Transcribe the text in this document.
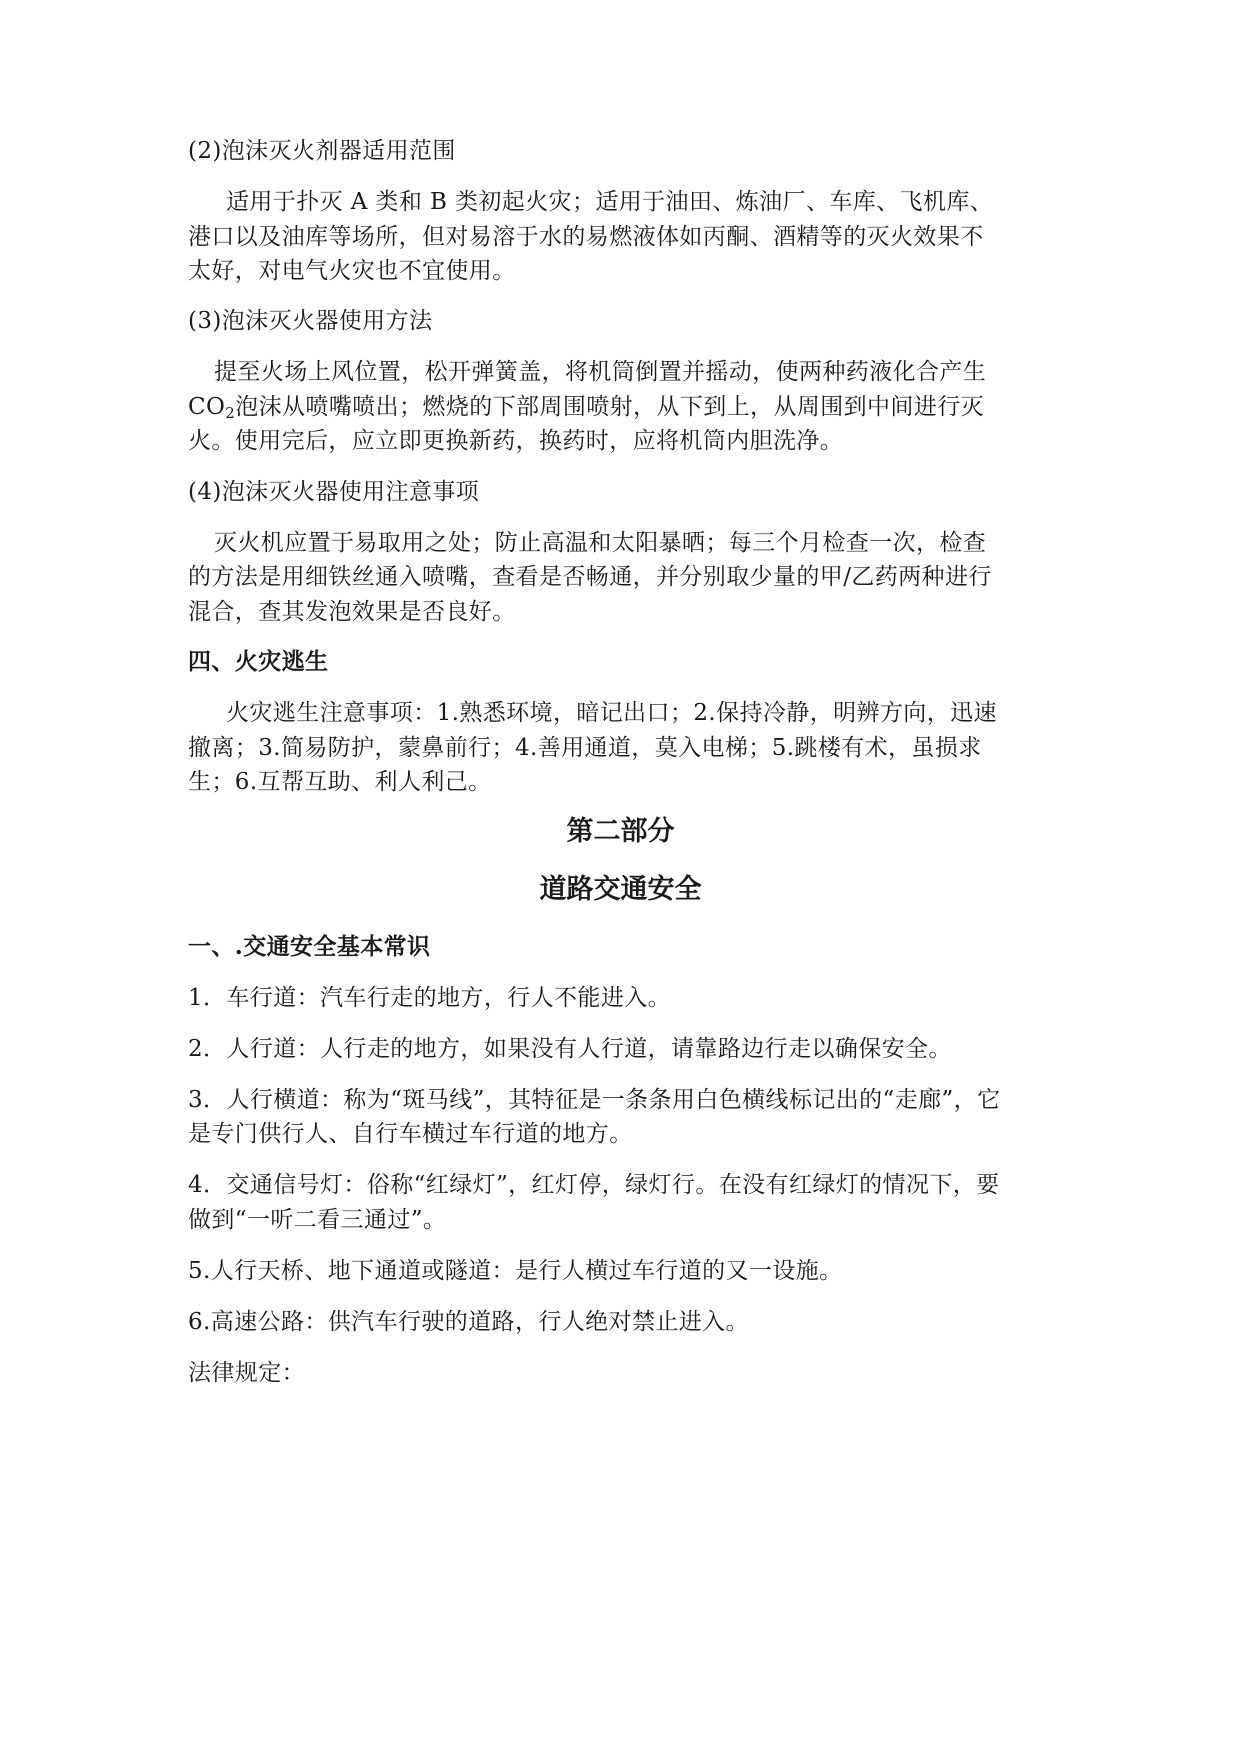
(2)泡沫灭火剂器适用范围
适用于扑灭 A 类和 B 类初起火灾；适用于油田、炼油厂、车库、飞机库、
港口以及油库等场所，但对易溶于水的易燃液体如丙酮、酒精等的灭火效果不
太好，对电气火灾也不宜使用。
(3)泡沫灭火器使用方法
提至火场上风位置，松开弹簧盖，将机筒倒置并摇动，使两种药液化合产生
$CO_2$泡沫从喷嘴喷出；燃烧的下部周围喷射，从下到上，从周围到中间进行灭
火。使用完后，应立即更换新药，换药时，应将机筒内胆洗净。
(4)泡沫灭火器使用注意事项
灭火机应置于易取用之处；防止高温和太阳暴晒；每三个月检查一次，检查
的方法是用细铁丝通入喷嘴，查看是否畅通，并分别取少量的甲/乙药两种进行
混合，查其发泡效果是否良好。
四、火灾逃生
火灾逃生注意事项：1.熟悉环境，暗记出口；2.保持冷静，明辨方向，迅速
撤离；3.简易防护，蒙鼻前行；4.善用通道，莫入电梯；5.跳楼有术，虽损求
生；6.互帮互助、利人利己。
第二部分
道路交通安全
一、.交通安全基本常识
1．车行道：汽车行走的地方，行人不能进入。
2．人行道：人行走的地方，如果没有人行道，请靠路边行走以确保安全。
3．人行横道：称为“斑马线”，其特征是一条条用白色横线标记出的“走廊”，它
是专门供行人、自行车横过车行道的地方。
4．交通信号灯：俗称“红绿灯”，红灯停，绿灯行。在没有红绿灯的情况下，要
做到“一听二看三通过”。
5.人行天桥、地下通道或隧道：是行人横过车行道的又一设施。
6.高速公路：供汽车行驶的道路，行人绝对禁止进入。
法律规定：
